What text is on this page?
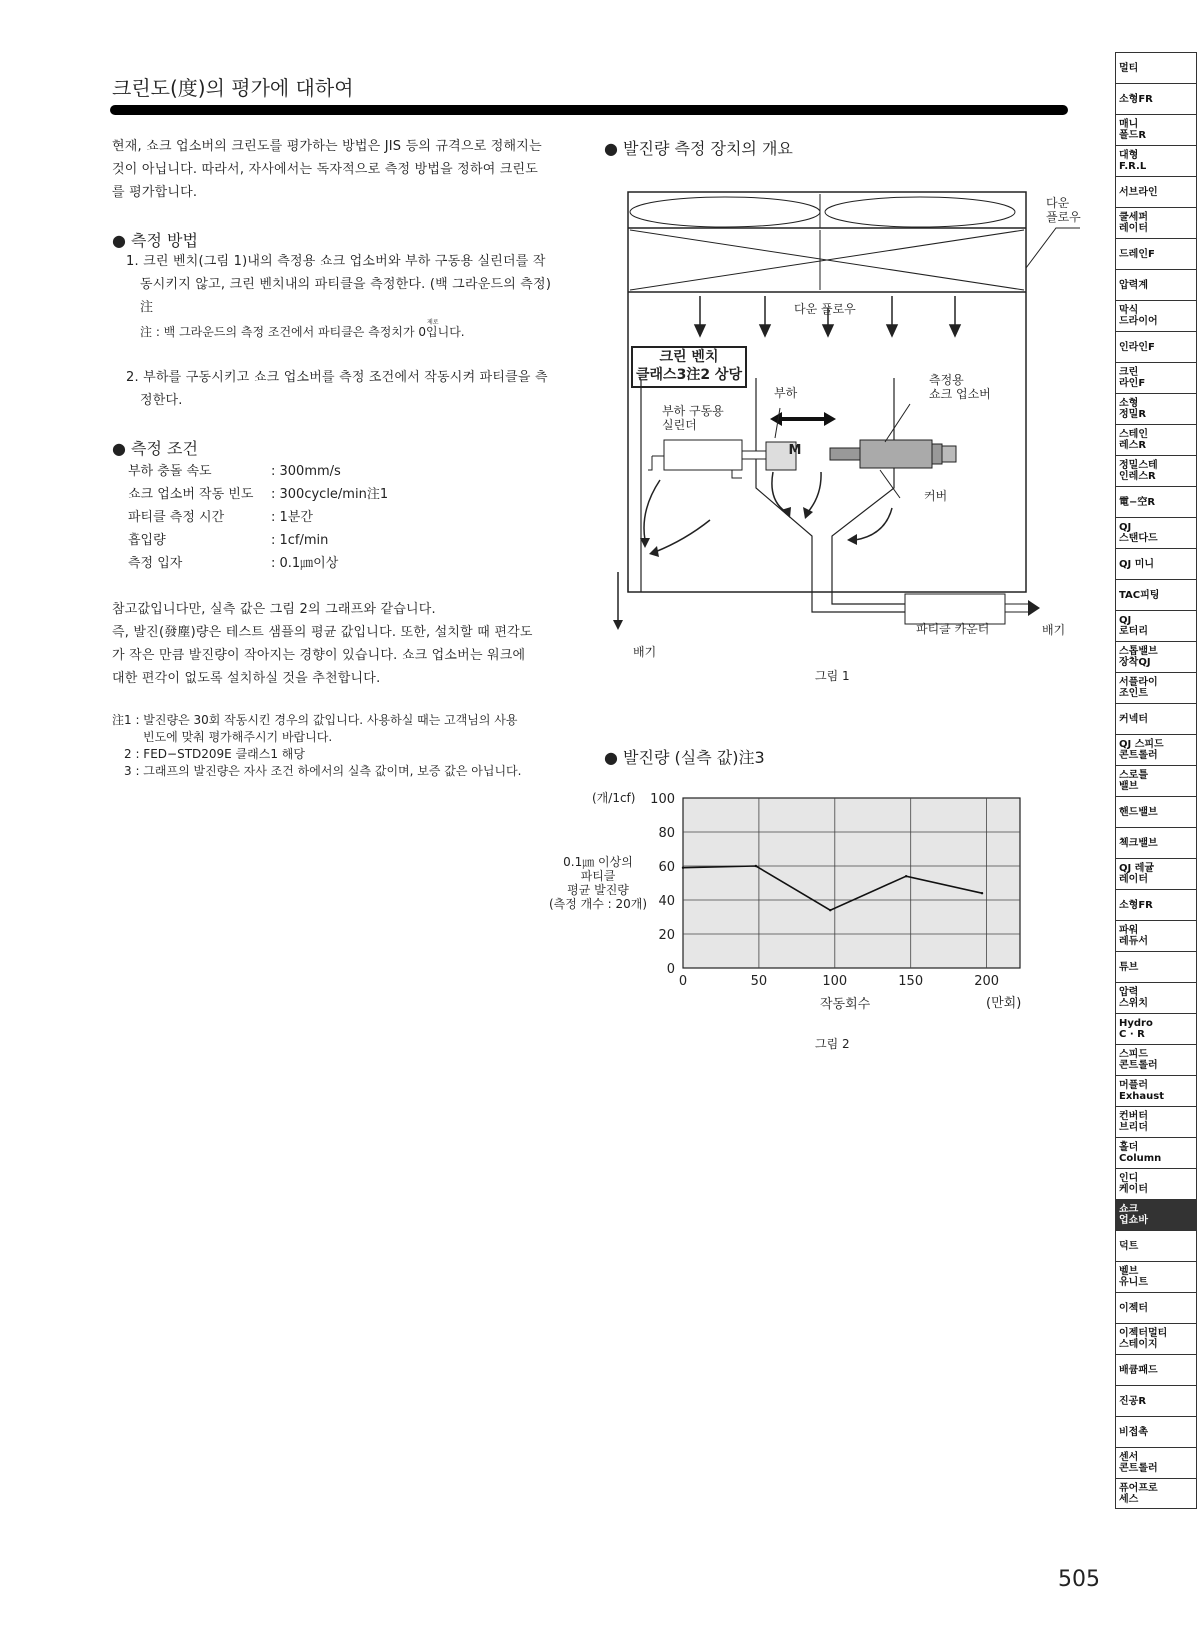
크린도(度)의 평가에 대하여
현재, 쇼크 업소버의 크린도를 평가하는 방법은 JIS 등의 규격으로 정해지는 것이 아닙니다. 따라서, 자사에서는 독자적으로 측정 방법을 정하여 크린도를 평가합니다.
● 측정 방법
1. 크린 벤치(그림 1)내의 측정용 쇼크 업소버와 부하 구동용 실린더를 작동시키지 않고, 크린 벤치내의 파티클을 측정한다. (백 그라운드의 측정)注
注 : 백 그라운드의 측정 조건에서 파티클은 측정치가 0입니다.
제로
2. 부하를 구동시키고 쇼크 업소버를 측정 조건에서 작동시켜 파티클을 측정한다.
● 측정 조건
부하 충돌 속도	: 300mm/s
쇼크 업소버 작동 빈도	: 300cycle/min注1
파티클 측정 시간	: 1분간
흡입량	: 1cf/min
측정 입자	: 0.1㎛이상
참고값입니다만, 실측 값은 그림 2의 그래프와 같습니다.
즉, 발진(發塵)량은 테스트 샘플의 평균 값입니다. 또한, 설치할 때 편각도가 작은 만큼 발진량이 작아지는 경향이 있습니다. 쇼크 업소버는 워크에 대한 편각이 없도록 설치하실 것을 추천합니다.
注1 : 발진량은 30회 작동시킨 경우의 값입니다. 사용하실 때는 고객님의 사용
빈도에 맞춰 평가해주시기 바랍니다.
2 : FED−STD209E 클래스1 해당
3 : 그래프의 발진량은 자사 조건 하에서의 실측 값이며, 보증 값은 아닙니다.
● 발진량 측정 장치의 개요
다운
플로우
다운 플로우
크린 벤치
클래스3注2 상당
부하
부하 구동용
실린더
측정용
쇼크 업소버
M
커버
파티클 카운터
배기
배기
그림 1
● 발진량 (실측 값)注3
(개/1cf)
0.1㎛ 이상의
파티클
평균 발진량
(측정 개수 : 20개)
0	50	100	150	200
0
20
40
60
80
100
작동회수	(만회)
그림 2
멀티
소형FR
매니
폴드R
대형
F.R.L
서브라인
쿨세퍼
레이터
드레인F
압력계
막식
드라이어
인라인F
크린
라인F
소형
정밀R
스테인
레스R
정밀스테
인레스R
電−空R
QJ
스탠다드
QJ 미니
TAC피팅
QJ
로터리
스톱밸브
장착QJ
서플라이
조인트
커넥터
QJ 스피드
콘트롤러
스로틀
밸브
핸드밸브
첵크밸브
QJ 레귤
레이터
소형FR
파워
레듀서
튜브
압력
스위치
Hydro
C · R
스피드
콘트롤러
머플러
Exhaust
컨버터
브리더
홀더
Column
인디
케이터
쇼크
업쇼바
덕트
벨브
유니트
이젝터
이젝터멀티
스테이지
배큠패드
진공R
비접촉
센서
콘트롤러
퓨어프로
세스
505
